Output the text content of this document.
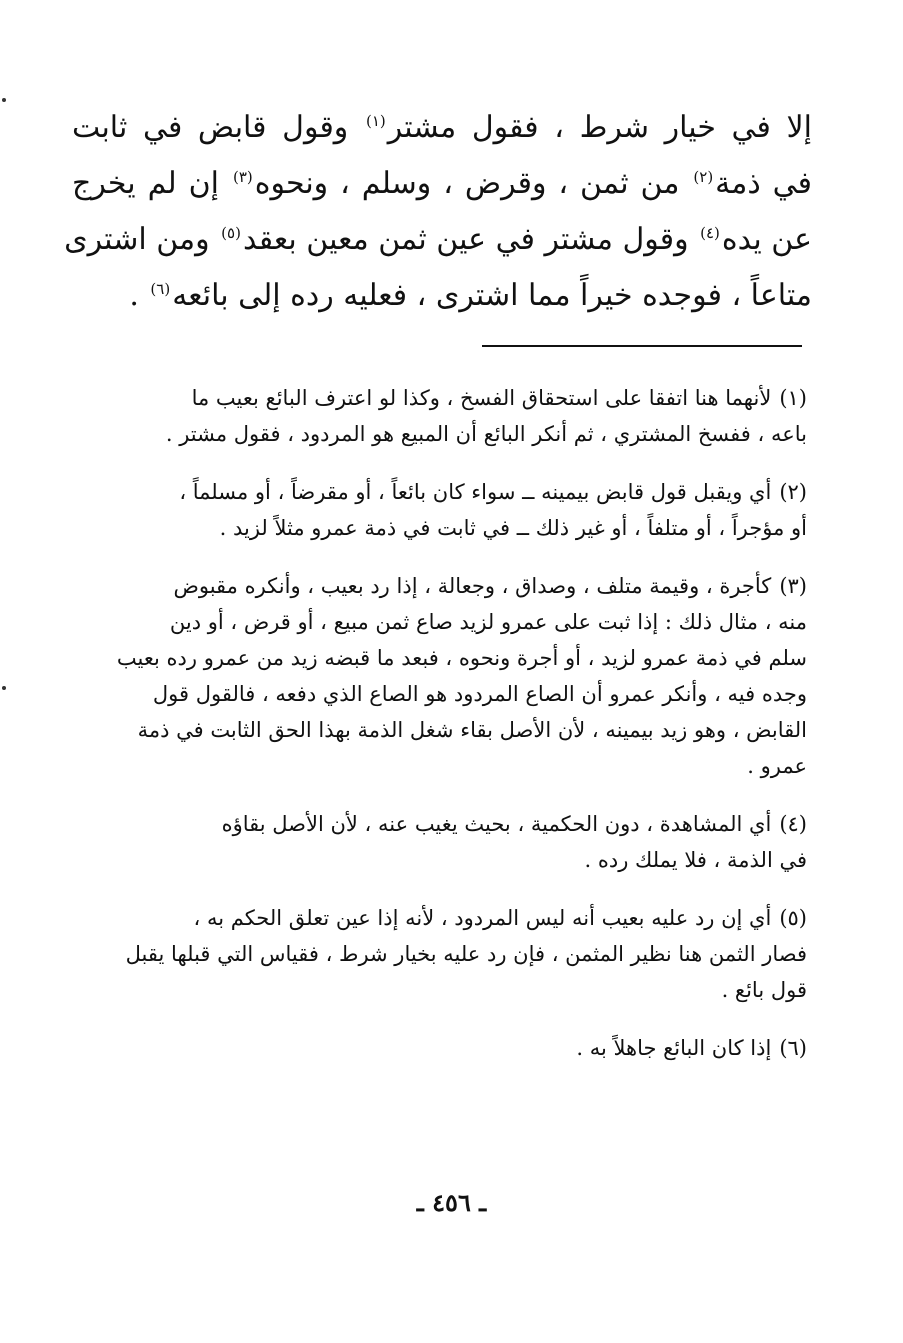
إلا في خيار شرط ، فقول مشتر$^{(١)}$ وقول قابض في ثابت
في ذمة$^{(٢)}$ من ثمن ، وقرض ، وسلم ، ونحوه$^{(٣)}$ إن لم يخرج
عن يده$^{(٤)}$ وقول مشتر في عين ثمن معين بعقد$^{(٥)}$ ومن اشترى
متاعاً ، فوجده خيراً مما اشترى ، فعليه رده إلى بائعه$^{(٦)}$ .
(١)لأنهما هنا اتفقا على استحقاق الفسخ ، وكذا لو اعترف البائع بعيب ما
باعه ، ففسخ المشتري ، ثم أنكر البائع أن المبيع هو المردود ، فقول مشتر .
(٢)أي ويقبل قول قابض بيمينه ــ سواء كان بائعاً ، أو مقرضاً ، أو مسلماً ،
أو مؤجراً ، أو متلفاً ، أو غير ذلك ــ في ثابت في ذمة عمرو مثلاً لزيد .
(٣)كأجرة ، وقيمة متلف ، وصداق ، وجعالة ، إذا رد بعيب ، وأنكره مقبوض
منه ، مثال ذلك : إذا ثبت على عمرو لزيد صاع ثمن مبيع ، أو قرض ، أو دين
سلم في ذمة عمرو لزيد ، أو أجرة ونحوه ، فبعد ما قبضه زيد من عمرو رده بعيب
وجده فيه ، وأنكر عمرو أن الصاع المردود هو الصاع الذي دفعه ، فالقول قول
القابض ، وهو زيد بيمينه ، لأن الأصل بقاء شغل الذمة بهذا الحق الثابت في ذمة
عمرو .
(٤)أي المشاهدة ، دون الحكمية ، بحيث يغيب عنه ، لأن الأصل بقاؤه
في الذمة ، فلا يملك رده .
(٥)أي إن رد عليه بعيب أنه ليس المردود ، لأنه إذا عين تعلق الحكم به ،
فصار الثمن هنا نظير المثمن ، فإن رد عليه بخيار شرط ، فقياس التي قبلها يقبل
قول بائع .
(٦)إذا كان البائع جاهلاً به .
ـ ٤٥٦ ـ
